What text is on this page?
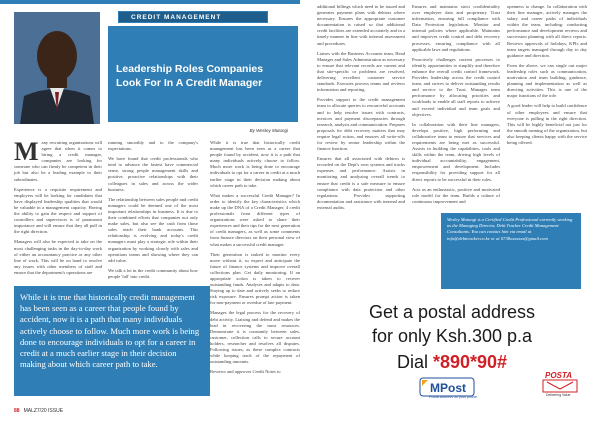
CREDIT MANAGEMENT
Leadership Roles Companies Look For In A Credit Manager
By Wesley Mutungi

Many recruiting organizations will agree that when it comes to hiring a credit manager, companies are looking for someone who can firmly be competent in their job but also be a leading example to their subordinates.

Experience is a requisite requirement and employers will be looking for candidates that have displayed leadership qualities that would be valuable in a management capacity. Having the ability to gain the respect and support of controllers and supervisors is of paramount importance and will ensure that they all pull in the right direction.

Managers will also be expected to take on the most challenging tasks in the day-to-day work of either an accountancy practice or any other line of work. This will be on hand to resolve any issues with other members of staff and ensure that the department's operations are

running smoothly and to the company's expectations.

We have found that credit professionals who tend to advance the fastest have commercial sense, strong people management skills and positive, proactive relationships with their colleagues in sales and across the wider business.

The relationship between sales people and credit managers could be deemed one of the most important relationships in business. It is due to their combined efforts that companies not only make sales, but also see the cash from those sales reach their bank accounts. This relationship is evolving and today's credit managers must play a strategic role within their organization by working closely with sales and operations teams and showing where they can add value.

We talk a lot in the credit community about how people 'fall' into credit.

While it is true that historically credit management has been seen as a career that people found by accident, now it is a path that many individuals actively choose to follow. Much more work is being done to encourage individuals to opt for a career in credit at a much earlier stage in their decision making about which career path to take.

What makes a successful Credit Manager? In order to identify the key characteristics which make up the DNA of a Credit Manager, 4 credit professionals from different types of organizations were asked to share their experiences and their tips for the next generation of credit managers, as well as some comments from finance directors on their personal view of what makes a successful credit manager.

Their generation is tasked to monitor every move without it, so expect and anticipate the future of finance systems and improve overall collections plan. Get daily monitoring. If an appropriate action is taken to recover outstanding funds. Analyses and adapts to data. Staying up to date and actively seeks to reduce risk exposure. Ensures prompt action is taken for non-payment or overdue of late payment.

Manages the legal process for the recovery of debt activity. Liaising and defend and makes the lead in recovering the most resources. Demonstrate it is constantly between sales, customer, collection calls to secure account holders, researcher and resolves all disputes. Following issues, as these complex contracts while keeping track of the repayment of outstanding amounts.

Reviews and approves Credit Notes to

additional billings which need to be issued and generates payment plans with debtors where necessary. Ensures the appropriate customer documentation is raised so that additional credit facilities are extended accurately and in a timely manner in line with internal assessment and procedures.

Liaises with the Business Accounts team, Head Manager and Sales Administration as necessary to ensure that relevant records are current and that site-specific or problems are resolved, delivering excellent customer service standards. Executes process teams and reviews information and reporting.

Provides support to the credit management team to allocate queries to resourceful accounts and to help resolve issues with contracts, invoices and payment discrepancies through research, analysis and communication. Prepares proposals for debt recovery matters that may require legal action, and ensures all write-offs for review by senior leadership within the finance function.

Ensures that all associated with debtors is recorded on the Dept's own systems and tracks expenses and performance. Assists in monitoring and analyzing overall trends to ensure that credit is a safe measure to ensure compliance with data protection and other regulations. Provides supporting documentation and assistance with internal and external audits.

Ensures and maintains strict confidentiality over employee data and proprietary Trust information, ensuring full compliance with Data Protection legislation. Monitor and internal policies where applicable. Maintains and improves credit control and debt recovery processes, ensuring compliance with all applicable laws and regulations.

Proactively challenges current processes to identify opportunities to simplify and therefore enhance the overall credit control framework. Provides leadership across the credit control team, and strives to deliver outstanding results and service to the Trust. Manages team performance by allocating priorities and workloads to enable all staff reports to achieve and exceed individual and team goals and objectives.

In collaboration with their line managers, develops positive, high performing and collaborative team to ensure that services and requirements are being met as successful. Assists in building the capabilities, tools and skills within the team, driving high levels of individual accountability, engagement, empowerment and development. Includes responsibility for providing support for all direct reports to be successful in their roles.

Acts as an enthusiastic, positive and motivated role model for the team. Builds a culture of continuous improvement and

openness to change. In collaboration with their line manager, actively manages the salary and career paths of individuals within the team, including: conducting performance and development reviews and succession planning with all direct reports. Reviews approvals of holidays, KPIs and team targets managed through day to day guidance and direction.

From the above, we can single out major leadership roles such as communication, motivation and team building, guidance, planning and implementation as well as directing activities. This is one of the major functions of the role.

A good leader will help to build confidence of other employees and ensure that everyone is pulling in the right direction. This will be highly beneficial not just for the smooth running of the organization, but also keeping clients happy with the service being offered.

While it is true that historically credit management has been seen as a career that people found by accident, now it is a path that many individuals actively choose to follow. Much more work is being done to encourage individuals to opt for a career in credit at a much earlier stage in their decision making about which career path to take.
Wesley Mutungi is a Certified Credit Professional currently working as the Managing Director, Debt Tracker Credit Management Consultants. You can contact him via email at info@debttracker.co.ke or at 0738xxxxxxx@gmail.com
Get a postal address
for only Ksh.300 p.a
Dial *890*90#
MPost
Postal Address on your phone
POSTA
Delivering Value
88 MALZ7/20 ISSUE
